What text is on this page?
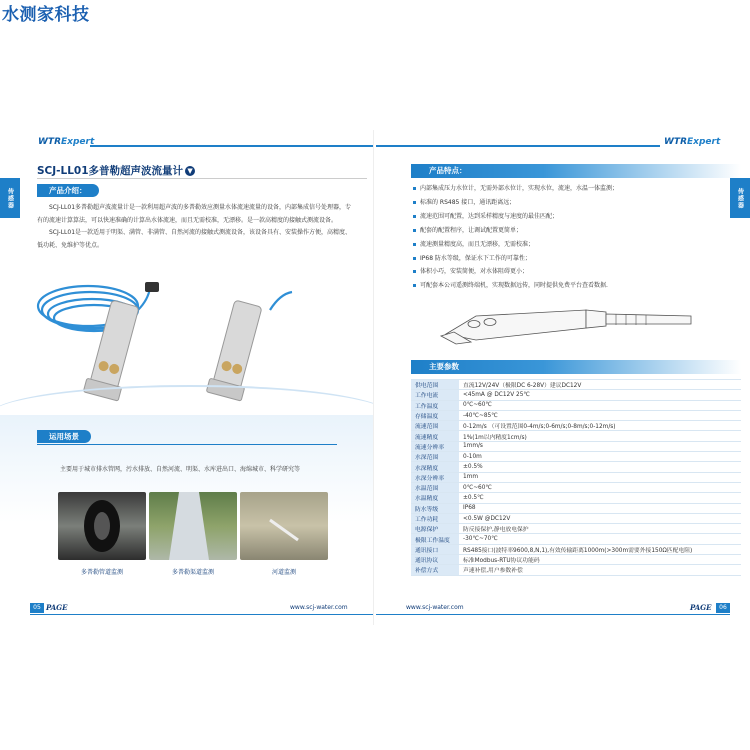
水测家科技
WTRExpert
传感器
SCJ-LL01多普勒超声波流量计 ▼
产品介绍：

SCJ-LL01多普勒超声波流量计是一款利用超声波的多普勒效应测量水体流速流量的设备，内部集成信号处理器，专有的流速计算算法，可以快速准确的计算出水体流速，而且无需校准，无漂移。是一款高精度的接触式测流设备。

SCJ-LL01是一款适用于明渠、满管、非满管、自然河流的接触式测流设备，该设备具有、安装操作方便，高精度、低功耗、免维护等优点。

运用场景
主要用于城市排水管网，污水排放、自然河流、明渠、水库进出口、海绵城市、科学研究等
多普勒管道监测	多普勒渠道监测	河道监测
05 PAGE	www.scj-water.com
WTRExpert
传感器
产品特点：
内部集成压力水位计，无需外部水位计，实现水位，流速，水温一体监测；
标准的 RS485 接口，通讯距离远；
流速范围可配置，达到采样精度与速度的最佳匹配；
配套的配置程序，让调试配置更简单；
流速测量精度高，而且无漂移，无需校准；
IP68 防水等级，保证水下工作的可靠性；
体积小巧，安装简便，对水体阻碍更小；
可配套本公司遥测终端机，实现数据远传，同时提供免费平台查看数据.
主要参数
供电范围	直流12V/24V（极限DC 6-28V）建议DC12V
工作电流	<45mA @ DC12V 25℃
工作温度	0℃~60℃
存储温度	-40℃~85℃
流速范围	0-12m/s （可设置范围0-4m/s;0-6m/s;0-8m/s;0-12m/s)
流速精度	1%(1m以内精度1cm/s)
流速分辨率	1mm/s
水深范围	0-10m
水深精度	±0.5%
水深分辨率	1mm
水温范围	0℃~60℃
水温精度	±0.5℃
防水等级	IP68
工作功耗	<0.5W @DC12V
电源保护	防反接保护,静电放电保护
极限工作温度	-30℃~70℃
通讯接口	RS485接口(波特率9600,8,N,1),有效传输距离1000m(>300m需要外接150Ω匹配电阻)
通讯协议	标准Modbus-RTU协议功能码
补偿方式	声速补偿,用户参数补偿
www.scj-water.com	PAGE	06
